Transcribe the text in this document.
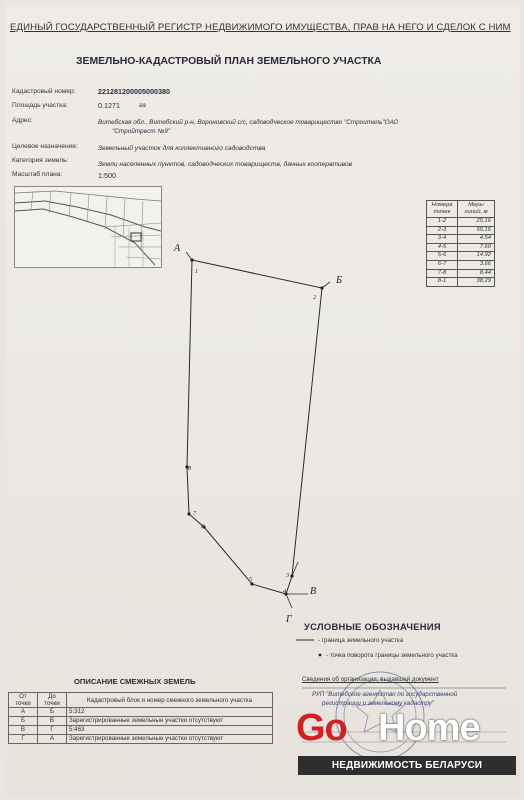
ЕДИНЫЙ ГОСУДАРСТВЕННЫЙ РЕГИСТР НЕДВИЖИМОГО ИМУЩЕСТВА, ПРАВ НА НЕГО И СДЕЛОК С НИМ
ЗЕМЕЛЬНО-КАДАСТРОВЫЙ ПЛАН ЗЕМЕЛЬНОГО УЧАСТКА
Кадастровый номер:	221281200005000380
Площадь участка:	0.1271	га
Адрес:	Витебская обл., Витебский р-н, Вороновский с/с, садоводческое товарищество "Строитель"ОАО
"Стройтрест №9"
Целевое назначение:	Земельный участок для коллективного садоводства
Категория земель:
Земли населенных пунктов, садоводческих товариществ, дачных кооперативов
Масштаб плана:	1:500
Номера точек	Меры линий, м
1-2	25.16
2-3	55.16
3-4	4.54
4-5	7.60
5-6	14.92
6-7	3.66
7-8	8.44
8-1	38.29
А
Б
В
Г
1
2
3
4
5
6
7
8
УСЛОВНЫЕ ОБОЗНАЧЕНИЯ
- граница земельного участка
- точка поворота границы земельного участка
ОПИСАНИЕ СМЕЖНЫХ ЗЕМЕЛЬ
От точки	До точки	Кадастровый блок и номер смежного земельного участка
А	Б	5:312
Б	В	Зарегистрированные земельные участки отсутствуют
В	Г	5:463
Г	А	Зарегистрированные земельные участки отсутствуют
Сведения об организации, выдавшей документ
РУП "Витебское агентство по государственной
регистрации и земельному кадастру"
Go Home
НЕДВИЖИМОСТЬ БЕЛАРУСИ
